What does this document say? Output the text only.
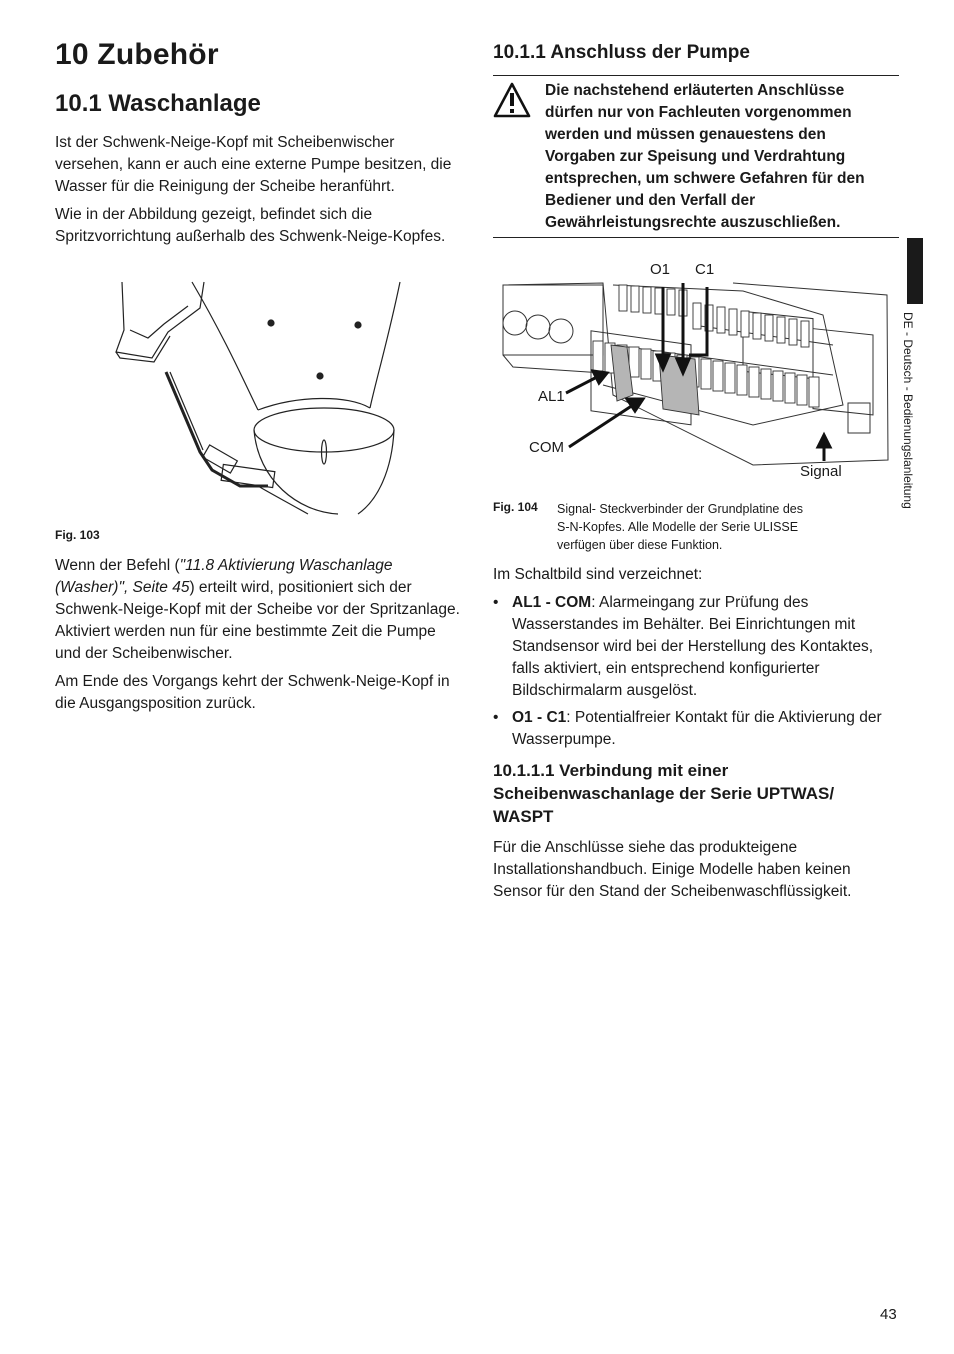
10 Zubehör
10.1 Waschanlage

Ist der Schwenk-Neige-Kopf mit Scheibenwischer versehen, kann er auch eine externe Pumpe besitzen, die Wasser für die Reinigung der Scheibe heranführt.

Wie in der Abbildung gezeigt, befindet sich die Spritzvorrichtung außerhalb des Schwenk-Neige-Kopfes.

Fig. 103

Wenn der Befehl ("11.8 Aktivierung Waschanlage (Washer)", Seite 45) erteilt wird, positioniert sich der Schwenk-Neige-Kopf mit der Scheibe vor der Spritzanlage. Aktiviert werden nun für eine bestimmte Zeit die Pumpe und der Scheibenwischer.

Am Ende des Vorgangs kehrt der Schwenk-Neige-Kopf in die Ausgangsposition zurück.

10.1.1 Anschluss der Pumpe

Die nachstehend erläuterten Anschlüsse dürfen nur von Fachleuten vorgenommen werden und müssen genauestens den Vorgaben zur Speisung und Verdrahtung entsprechen, um schwere Gefahren für den Bediener und den Verfall der Gewährleistungsrechte auszuschließen.

O1 C1
AL1
COM
Signal
Fig. 104 Signal- Steckverbinder der Grundplatine des S-N-Kopfes. Alle Modelle der Serie ULISSE verfügen über diese Funktion.

Im Schaltbild sind verzeichnet:

• AL1 - COM: Alarmeingang zur Prüfung des Wasserstandes im Behälter. Bei Einrichtungen mit Standsensor wird bei der Herstellung des Kontaktes, falls aktiviert, ein entsprechend konfigurierter Bildschirmalarm ausgelöst.
• O1 - C1: Potentialfreier Kontakt für die Aktivierung der Wasserpumpe.
10.1.1.1 Verbindung mit einer Scheibenwaschanlage der Serie UPTWAS/ WASPT

Für die Anschlüsse siehe das produkteigene Installationshandbuch. Einige Modelle haben keinen Sensor für den Stand der Scheibenwaschflüssigkeit.

DE - Deutsch - Bedienungslanleitung
43
